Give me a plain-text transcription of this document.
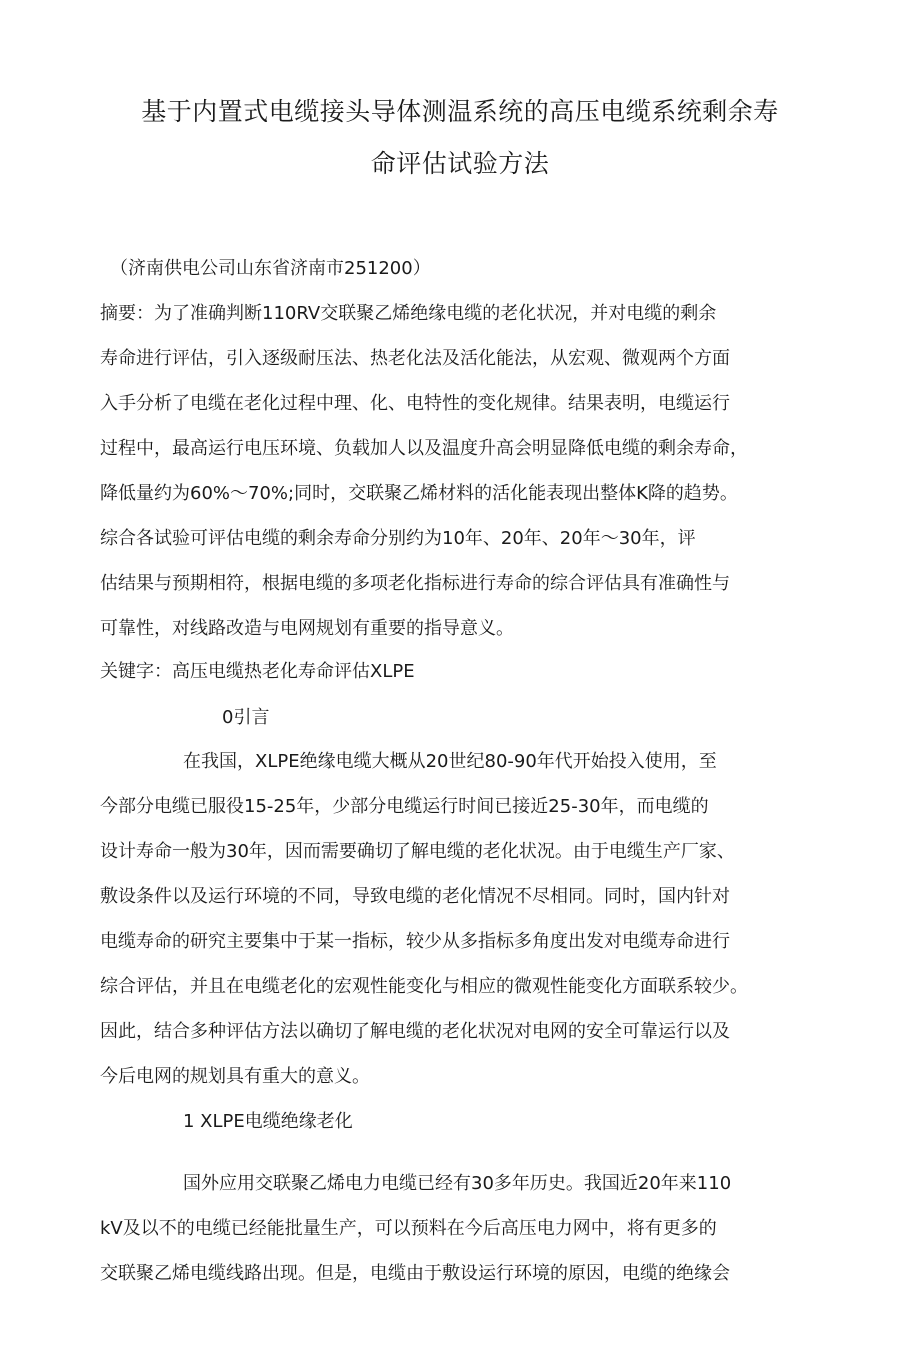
基于内置式电缆接头导体测温系统的高压电缆系统剩余寿
命评估试验方法
（济南供电公司山东省济南市251200）
摘要：为了准确判断110RV交联聚乙烯绝缘电缆的老化状况，并对电缆的剩余
寿命进行评估，引入逐级耐压法、热老化法及活化能法，从宏观、微观两个方面
入手分析了电缆在老化过程中理、化、电特性的变化规律。结果表明，电缆运行
过程中，最高运行电压环境、负载加人以及温度升高会明显降低电缆的剩余寿命，
降低量约为60%～70%;同时，交联聚乙烯材料的活化能表现出整体K降的趋势。
综合各试验可评估电缆的剩余寿命分别约为10年、20年、20年～30年，评
估结果与预期相符，根据电缆的多项老化指标进行寿命的综合评估具有准确性与
可靠性，对线路改造与电网规划有重要的指导意义。
关键字：高压电缆热老化寿命评估XLPE
0引言
在我国，XLPE绝缘电缆大概从20世纪80-90年代开始投入使用，至
今部分电缆已服役15-25年，少部分电缆运行时间已接近25-30年，而电缆的
设计寿命一般为30年，因而需要确切了解电缆的老化状况。由于电缆生产厂家、
敷设条件以及运行环境的不同，导致电缆的老化情况不尽相同。同时，国内针对
电缆寿命的研究主要集中于某一指标，较少从多指标多角度出发对电缆寿命进行
综合评估，并且在电缆老化的宏观性能变化与相应的微观性能变化方面联系较少。
因此，结合多种评估方法以确切了解电缆的老化状况对电网的安全可靠运行以及
今后电网的规划具有重大的意义。
1 XLPE电缆绝缘老化
国外应用交联聚乙烯电力电缆已经有30多年历史。我国近20年来110
kV及以不的电缆已经能批量生产，可以预料在今后高压电力网中，将有更多的
交联聚乙烯电缆线路出现。但是，电缆由于敷设运行环境的原因，电缆的绝缘会
